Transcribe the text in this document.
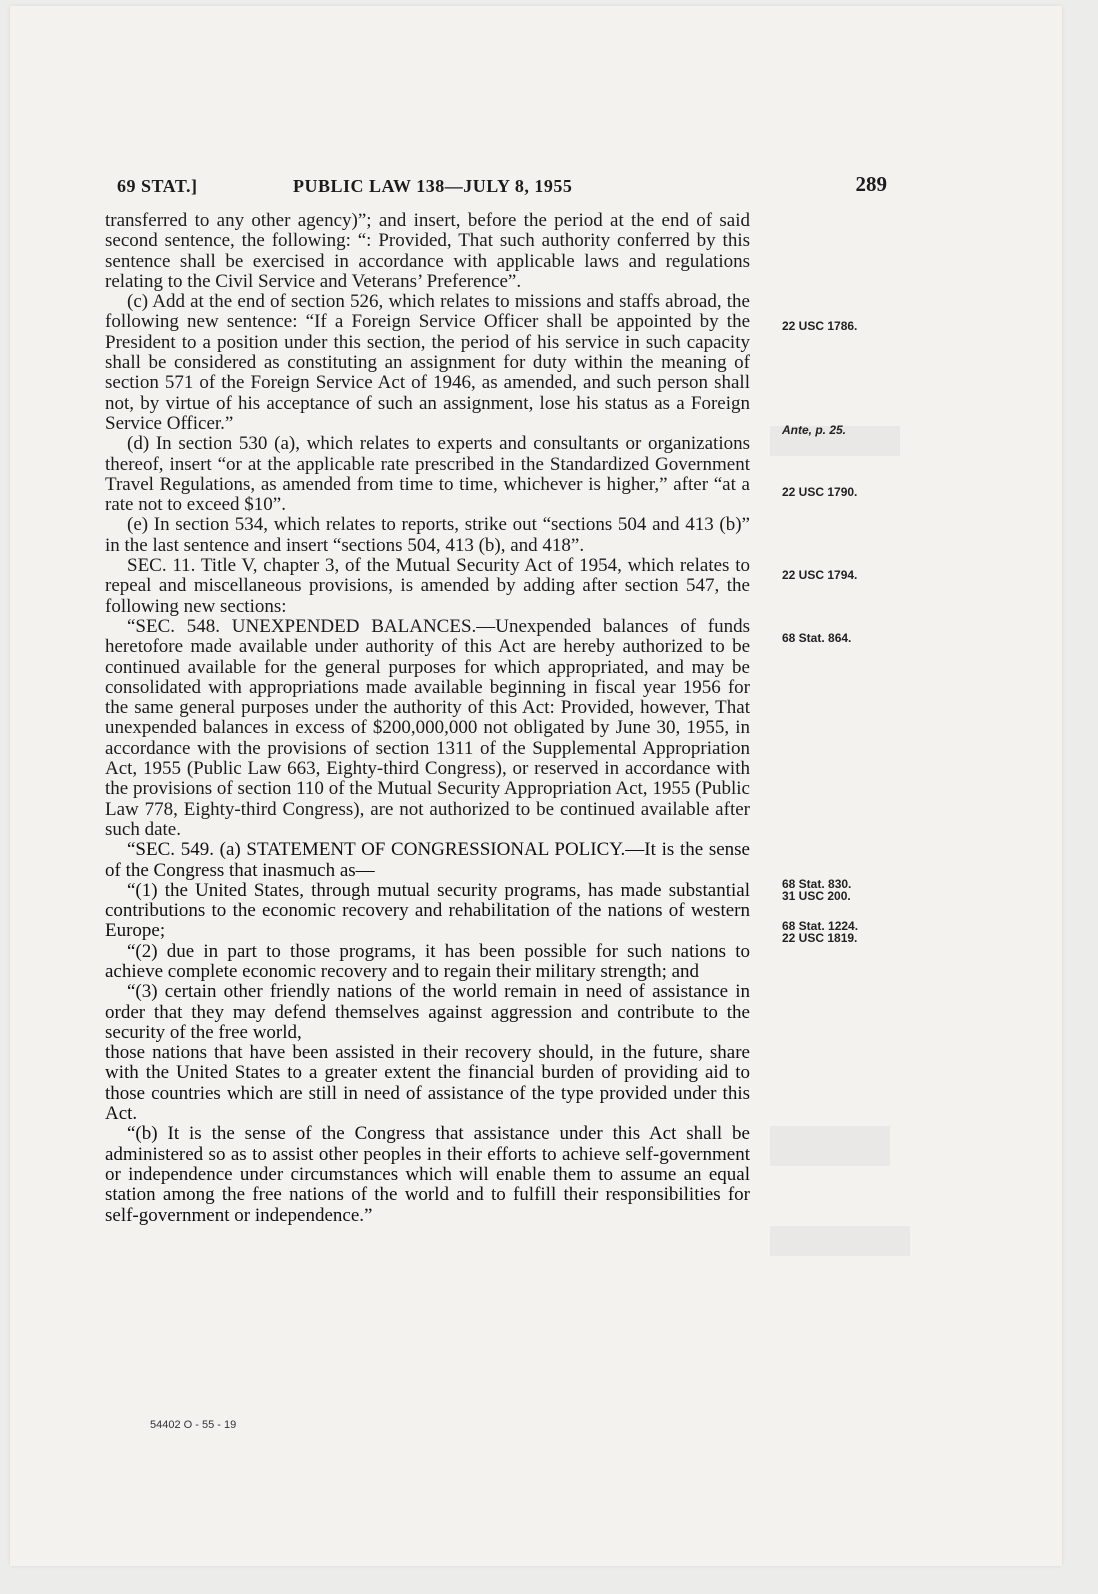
69 STAT.]	PUBLIC LAW 138—JULY 8, 1955	289

transferred to any other agency)”; and insert, before the period at the end of said second sentence, the following: “: Provided, That such authority conferred by this sentence shall be exercised in accordance with applicable laws and regulations relating to the Civil Service and Veterans’ Preference”.

(c) Add at the end of section 526, which relates to missions and staffs abroad, the following new sentence: “If a Foreign Service Officer shall be appointed by the President to a position under this section, the period of his service in such capacity shall be considered as constituting an assignment for duty within the meaning of section 571 of the Foreign Service Act of 1946, as amended, and such person shall not, by virtue of his acceptance of such an assignment, lose his status as a Foreign Service Officer.”

(d) In section 530 (a), which relates to experts and consultants or organizations thereof, insert “or at the applicable rate prescribed in the Standardized Government Travel Regulations, as amended from time to time, whichever is higher,” after “at a rate not to exceed $10”.

(e) In section 534, which relates to reports, strike out “sections 504 and 413 (b)” in the last sentence and insert “sections 504, 413 (b), and 418”.

SEC. 11. Title V, chapter 3, of the Mutual Security Act of 1954, which relates to repeal and miscellaneous provisions, is amended by adding after section 547, the following new sections:

“SEC. 548. UNEXPENDED BALANCES.—Unexpended balances of funds heretofore made available under authority of this Act are hereby authorized to be continued available for the general purposes for which appropriated, and may be consolidated with appropriations made available beginning in fiscal year 1956 for the same general purposes under the authority of this Act: Provided, however, That unexpended balances in excess of $200,000,000 not obligated by June 30, 1955, in accordance with the provisions of section 1311 of the Supplemental Appropriation Act, 1955 (Public Law 663, Eighty-third Congress), or reserved in accordance with the provisions of section 110 of the Mutual Security Appropriation Act, 1955 (Public Law 778, Eighty-third Congress), are not authorized to be continued available after such date.

“SEC. 549. (a) STATEMENT OF CONGRESSIONAL POLICY.—It is the sense of the Congress that inasmuch as—

“(1) the United States, through mutual security programs, has made substantial contributions to the economic recovery and rehabilitation of the nations of western Europe;

“(2) due in part to those programs, it has been possible for such nations to achieve complete economic recovery and to regain their military strength; and

“(3) certain other friendly nations of the world remain in need of assistance in order that they may defend themselves against aggression and contribute to the security of the free world,

those nations that have been assisted in their recovery should, in the future, share with the United States to a greater extent the financial burden of providing aid to those countries which are still in need of assistance of the type provided under this Act.

“(b) It is the sense of the Congress that assistance under this Act shall be administered so as to assist other peoples in their efforts to achieve self-government or independence under circumstances which will enable them to assume an equal station among the free nations of the world and to fulfill their responsibilities for self-government or independence.”

22 USC 1786.
Ante, p. 25.
22 USC 1790.
22 USC 1794.
68 Stat. 864.
68 Stat. 830.
31 USC 200.
68 Stat. 1224.
22 USC 1819.
54402 O - 55 - 19
